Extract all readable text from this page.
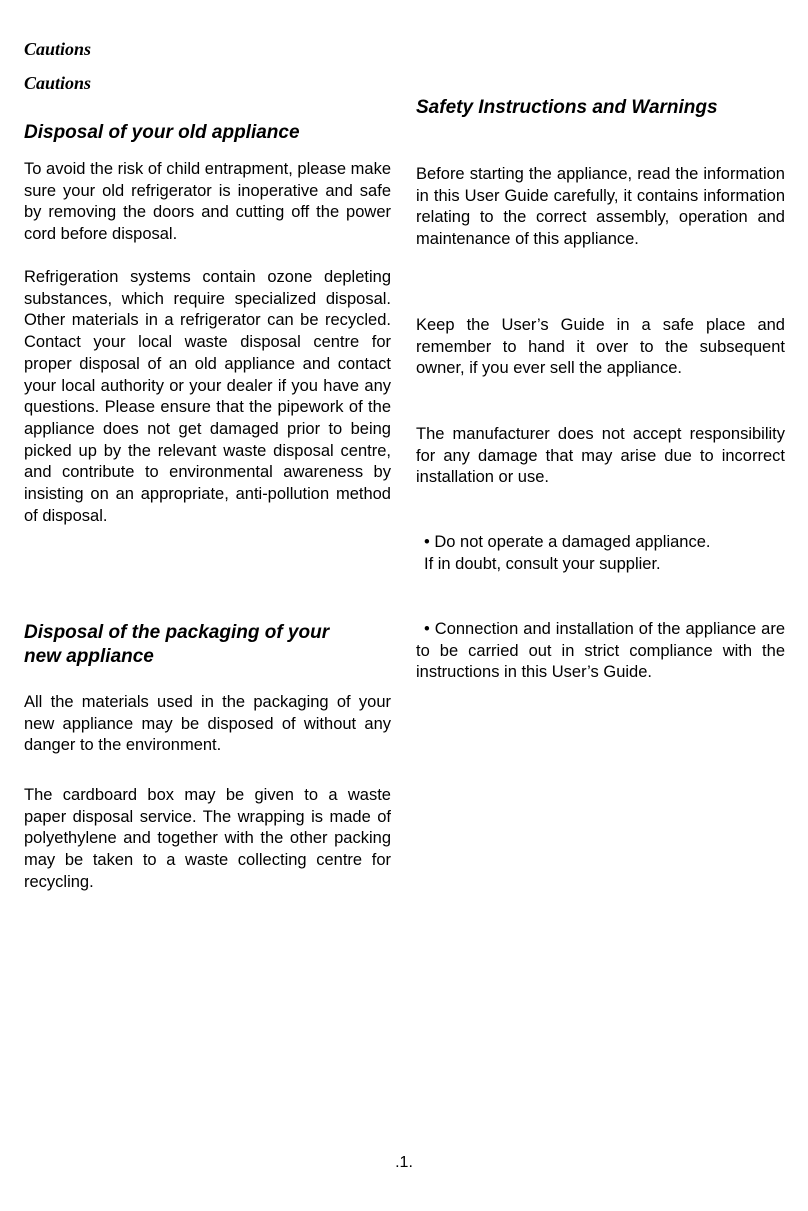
Cautions
Cautions
Disposal of your old appliance

To avoid the risk of child entrapment, please make sure your old refrigerator is inoperative and safe by removing the doors and cutting off the power cord before disposal.

Refrigeration systems contain ozone depleting substances, which require specialized disposal. Other materials in a refrigerator can be recycled. Contact your local waste disposal centre for proper disposal of an old appliance and contact your local authority or your dealer if you have any questions. Please ensure that the pipework of the appliance does not get damaged prior to being picked up by the relevant waste disposal centre, and contribute to environmental awareness by insisting on an appropriate, anti-pollution method of disposal.

Disposal of the packaging of your new appliance

All the materials used in the packaging of your new appliance may be disposed of without any danger to the environment.

The cardboard box may be given to a waste paper disposal service. The wrapping is made of polyethylene and together with the other packing may be taken to a waste collecting centre for recycling.

Safety Instructions and Warnings

Before starting the appliance, read the information in this User Guide carefully, it contains information relating to the correct assembly, operation and maintenance of this appliance.

Keep the User’s Guide in a safe place and remember to hand it over to the subsequent owner, if you ever sell the appliance.

The manufacturer does not accept responsibility for any damage that may arise due to incorrect installation or use.

• Do not operate a damaged appliance.
If in doubt, consult your supplier.

• Connection and installation of the appliance are to be carried out in strict compliance with the instructions in this User’s Guide.

.1.
